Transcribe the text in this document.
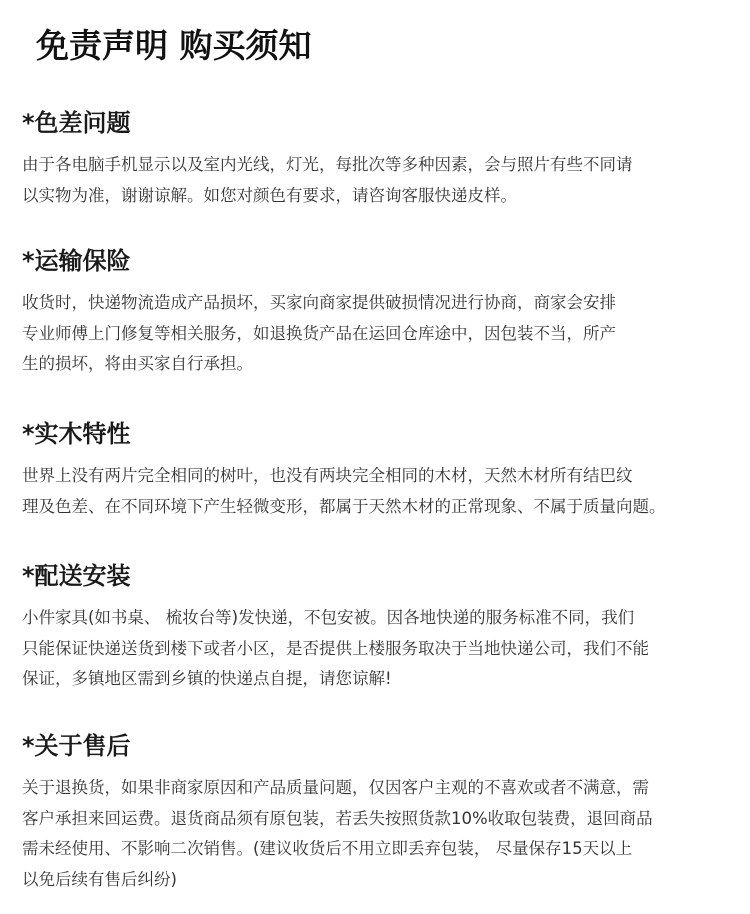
免责声明 购买须知
*色差问题

由于各电脑手机显示以及室内光线，灯光，每批次等多种因素，会与照片有些不同请
以实物为准，谢谢谅解。如您对颜色有要求，请咨询客服快递皮样。

*运输保险

收货时，快递物流造成产品损坏，买家向商家提供破损情况进行协商，商家会安排
专业师傅上门修复等相关服务，如退换货产品在运回仓库途中，因包装不当，所产
生的损坏，将由买家自行承担。

*实木特性

世界上没有两片完全相同的树叶，也没有两块完全相同的木材，天然木材所有结巴纹
理及色差、在不同环境下产生轻微变形，都属于天然木材的正常现象、不属于质量向题。

*配送安装

小件家具(如书桌、 梳妆台等)发快递，不包安被。因各地快递的服务标准不同，我们
只能保证快递送货到楼下或者小区，是否提供上楼服务取决于当地快递公司，我们不能
保证，多镇地区需到乡镇的快递点自提，请您谅解!

*关于售后

关于退换货，如果非商家原因和产品质量问题，仅因客户主观的不喜欢或者不满意，需
客户承担来回运费。退货商品须有原包装，若丢失按照货款10%收取包装费，退回商品
需未经使用、不影响二次销售。(建议收货后不用立即丢弃包装， 尽量保存15天以上
以免后续有售后纠纷)
